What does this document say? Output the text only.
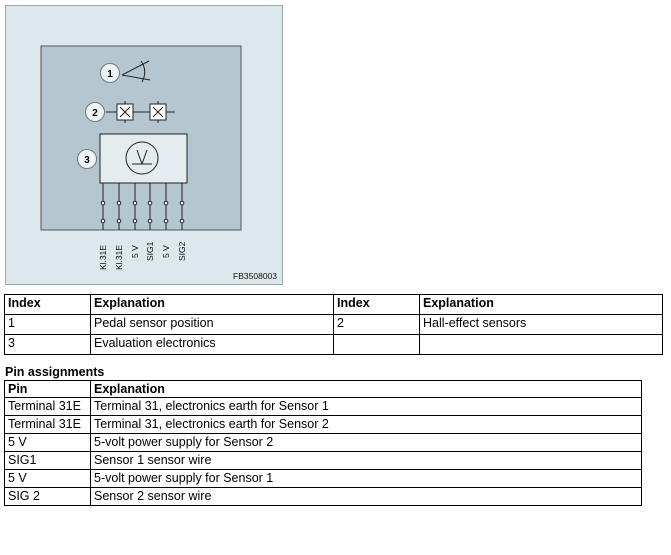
1
2
3
Kl.31E Kl.31E 5 V SIG1 5 V SIG2
FB3508003
Index	Explanation	Index	Explanation
1	Pedal sensor position	2	Hall-effect sensors
3	Evaluation electronics		
Pin assignments
Pin	Explanation
Terminal 31E	Terminal 31, electronics earth for Sensor 1
Terminal 31E	Terminal 31, electronics earth for Sensor 2
5 V	5-volt power supply for Sensor 2
SIG1	Sensor 1 sensor wire
5 V	5-volt power supply for Sensor 1
SIG 2	Sensor 2 sensor wire
